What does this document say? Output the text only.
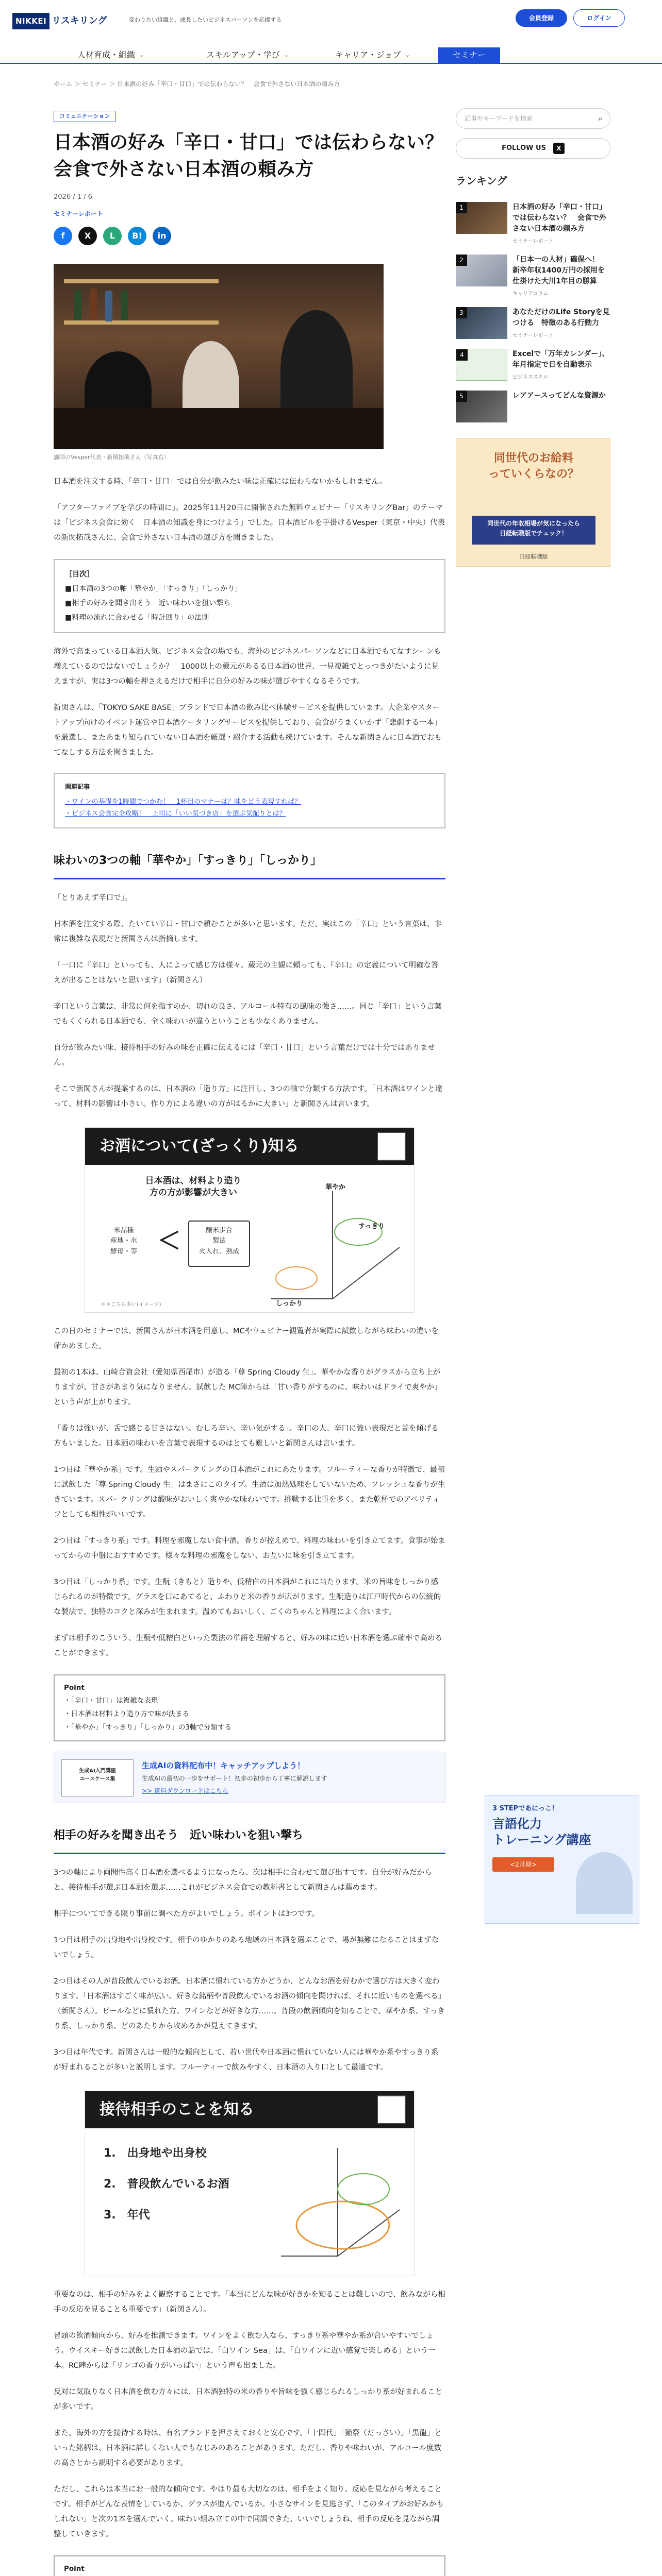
NIKKEI リスキリング	変わりたい組織と、成長したいビジネスパーソンを応援する	会員登録	ログイン
人材育成・組織 ⌄	スキルアップ・学び ⌄	キャリア・ジョブ ⌄	セミナー
ホーム ＞ セミナー ＞ 日本酒の好み「辛口・甘口」では伝わらない？　会食で外さない日本酒の頼み方
コミュニケーション
日本酒の好み「辛口・甘口」では伝わらない？　会食で外さない日本酒の頼み方
2026 / 1 / 6
セミナーレポート
f	X	L	B!	in
講師のVesper代表・新関拓哉さん（写真右）

日本酒を注文する時、「辛口・甘口」では自分が飲みたい味は正確には伝わらないかもしれません。

「アフターファイブを学びの時間に」。2025年11月20日に開催された無料ウェビナー「リスキリングBar」のテーマは「ビジネス会食に効く　日本酒の知識を身につけよう」でした。日本酒ビルを手掛けるVesper（東京・中央）代表の新関拓哉さんに、会食で外さない日本酒の選び方を聞きました。

［目次］
■日本酒の3つの軸「華やか」「すっきり」「しっかり」
■相手の好みを聞き出そう　近い味わいを狙い撃ち
■料理の流れに合わせる「時計回り」の法則

海外で高まっている日本酒人気。ビジネス会食の場でも、海外のビジネスパーソンなどに日本酒でもてなすシーンも増えているのではないでしょうか？　1000以上の蔵元があるる日本酒の世界、一見複雑でとっつきがたいように見えますが、実は3つの軸を押さえるだけで相手に自分の好みの味が選びやすくなるそうです。

新関さんは、「TOKYO SAKE BASE」ブランドで日本酒の飲み比べ体験サービスを提供しています。大企業やスタートアップ向けのイベント運営や日本酒ケータリングサービスを提供しており、会食がうまくいかず「悲劇する一本」を厳選し、またあまり知られていない日本酒を厳選・紹介する活動も続けています。そんな新関さんに日本酒でおもてなしする方法を聞きました。

関連記事
・ワインの基礎を1時間でつかむ！　1杯目のマナーは？味をどう表現すれば？
・ビジネス会食完全攻略！　上司に「いい気づき店」を選ぶ気配りとは？
味わいの3つの軸「華やか」「すっきり」「しっかり」

「とりあえず辛口で」。

日本酒を注文する際、たいてい辛口・甘口で頼むことが多いと思います。ただ、実はこの「辛口」という言葉は、非常に複雑な表現だと新関さんは指摘します。

「一口に『辛口』といっても、人によって感じ方は様々。蔵元の主観に頼っても、『辛口』の定義について明確な答えが出ることはないと思います」（新関さん）

辛口という言葉は、非常に何を指すのか、切れの良さ、アルコール特有の風味の強さ……。同じ「辛口」という言葉でもくくられる日本酒でも、全く味わいが違うということも少なくありません。

自分が飲みたい味、接待相手の好みの味を正確に伝えるには「辛口・甘口」という言葉だけでは十分ではありません。

そこで新関さんが提案するのは、日本酒の「造り方」に注目し、3つの軸で分類する方法です。「日本酒はワインと違って、材料の影響は小さい。作り方による違いの方がはるかに大きい」と新関さんは言います。

お酒について(ざっくり)知る
日本酒は、材料より造り方の方が影響が大きい
米品種
産地・水
酵母・等 ＜	醸米歩合
製法
火入れ、熟成
華やか
すっきり
しっかり
＊＊こちら多い(イメージ)

この日のセミナーでは、新関さんが日本酒を用意し、MCやウェビナー観覧者が実際に試飲しながら味わいの違いを確かめました。

最初の1本は、山崎合資会社（愛知県西尾市）が造る「尊 Spring Cloudy 生」。華やかな香りがグラスから立ち上がりますが、甘さがあまり気になりません。試飲した MC陣からは「甘い香りがするのに、味わいはドライで爽やか」という声が上がります。

「香りは強いが、舌で感じる甘さはない。むしろ辛い、辛い気がする」。辛口の人、辛口に強い表現だと首を傾げる方もいました。日本酒の味わいを言葉で表現するのはとても難しいと新関さんは言います。

1つ目は「華やか系」です。生酒やスパークリングの日本酒がこれにあたります。フルーティーな香りが特徴で、最初に試飲した「尊 Spring Cloudy 生」はまさにこのタイプ。生酒は加熱処理をしていないため、フレッシュな香りが生きています。スパークリングは酸味がおいしく爽やかな味わいです。挑戦する比重を多く、また乾杯でのアペリティフとしても相性がいいです。

2つ目は「すっきり系」です。料理を邪魔しない食中酒。香りが控えめで、料理の味わいを引き立てます。食事が始まってからの中盤におすすめです。様々な料理の邪魔をしない、お互いに味を引き立てます。

3つ目は「しっかり系」です。生酛（きもと）造りや、低精白の日本酒がこれに当たります。米の旨味をしっかり感じられるのが特徴です。グラスを口にあてると、ふわりと米の香りが広がります。生酛造りは江戸時代からの伝統的な製法で、独特のコクと深みが生まれます。温めてもおいしく、ごくのちゃんと料理によく合います。

まずは相手のこういう、生酛や低精白といった製法の単語を理解すると、好みの味に近い日本酒を選ぶ確率で高めることができます。

Point
・「辛口・甘口」は複雑な表現
・日本酒は材料より造り方で味が決まる
・「華やか」「すっきり」「しっかり」の3軸で分類する
生成AI入門講座
ユースケース集
生成AIの資料配布中！キャッチアップしよう！
生成AIの最初の一歩をサポート！初歩の初歩から丁寧に解説します
>> 資料ダウンロードはこちら
相手の好みを聞き出そう　近い味わいを狙い撃ち

3つの軸により両聞性高く日本酒を選べるようになったら、次は相手に合わせて選び出すです。自分が好みだからと、接待相手が選ぶ日本酒を選ぶ……これがビジネス会食での教科書として新関さんは薦めます。

相手についてできる限り事前に調べた方がよいでしょう。ポイントは3つです。

1つ目は相手の出身地や出身校です。相手のゆかりのある地域の日本酒を選ぶことで、場が無難になることはまずないでしょう。

2つ目はその人が普段飲んでいるお酒。日本酒に慣れている方かどうか、どんなお酒を好むかで選び方は大きく変わります。「日本酒はすごく味が広い。好きな銘柄や普段飲んでいるお酒の傾向を聞ければ、それに近いものを選べる」（新関さん）。ビールなどに慣れた方、ワインなどが好きな方……。普段の飲酒傾向を知ることで、華やか系、すっきり系、しっかり系、どのあたりから攻めるかが見えてきます。

3つ目は年代です。新関さんは一般的な傾向として、若い世代や日本酒に慣れていない人には華やか系やすっきり系が好まれることが多いと説明します。フルーティーで飲みやすく、日本酒の入り口として最適です。

接待相手のことを知る
1.　出身地や出身校
2.　普段飲んでいるお酒
3.　年代

重要なのは、相手の好みをよく観察することです。「本当にどんな味が好きかを知ることは難しいので、飲みながら相手の反応を見ることも重要です」（新関さん）。

冒頭の飲酒傾向から、好みを推測できます。ワインをよく飲む人なら、すっきり系や華やか系が合いやすいでしょう。ウイスキー好きに試飲した日本酒の話では、「白ワイン Sea」は、「白ワインに近い感覚で楽しめる」という一本。RC陣からは「リンゴの香りがいっぱい」という声も出ました。

反対に気取りなく日本酒を飲む方々には、日本酒独特の米の香りや旨味を強く感じられるしっかり系が好まれることが多いです。

また、海外の方を接待する時は、有名ブランドを押さえておくと安心です。「十四代」「獺祭（だっさい）」「黒龍」といった銘柄は、日本酒に詳しくない人でもなじみのあることがあります。ただし、香りや味わいが、アルコール度数の高さとから説明する必要があります。

ただし、これらは本当にお一般的な傾向です。やはり最も大切なのは、相手をよく知り、反応を見ながら考えることです。相手がどんな表情をしているか、グラスが進んでいるか。小さなサインを見逃さず、「このタイプがお好みかもしれない」と次の1本を選んでいく。味わい組み立ての中で同調できた、いいでしょうね、相手の反応を見ながら調整していきます。

Point
記事やキーワードを検索	⌕
FOLLOW US	X
ランキング
1	日本酒の好み「辛口・甘口」では伝わらない？　会食で外さない日本酒の頼み方
セミナーレポート
2	「日本一の人材」確保へ！　新卒年収1400万円の採用を仕掛けた大川1年目の勝算
キャリアコラム
3	あなただけのLife Storyを見つける　特徴のある行動力
セミナーレポート
4	Excelで「万年カレンダー」、年月指定で日を自動表示
ビジネススキル
5	レアアースってどんな資源か
同世代のお給料
っていくらなの？
同世代の年収相場が気になったら
日経転職版でチェック！
日経転職版
3 STEPであにっこ！
言語化力
トレーニング講座
<2月期>
